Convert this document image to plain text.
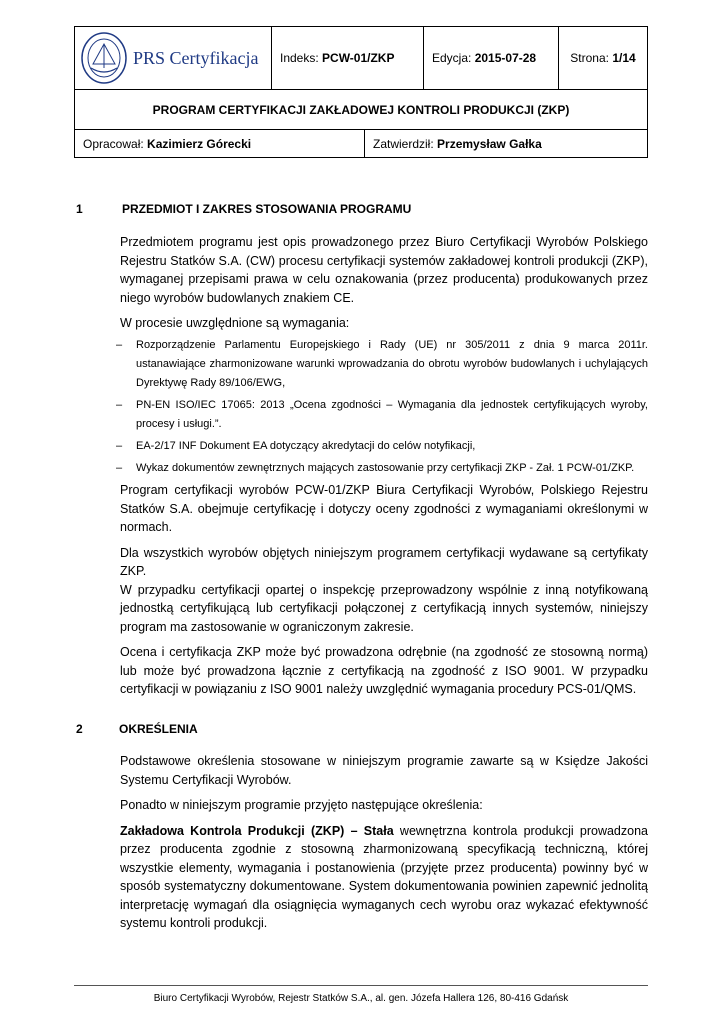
PRS Certyfikacja	Indeks: PCW-01/ZKP	Edycja: 2015-07-28	Strona: 1/14
PROGRAM CERTYFIKACJI ZAKŁADOWEJ KONTROLI PRODUKCJI (ZKP)
Opracował: Kazimierz Górecki	Zatwierdził: Przemysław Gałka
1	PRZEDMIOT I ZAKRES STOSOWANIA PROGRAMU

Przedmiotem programu jest opis prowadzonego przez Biuro Certyfikacji Wyrobów Polskiego Rejestru Statków S.A. (CW) procesu certyfikacji systemów zakładowej kontroli produkcji (ZKP), wymaganej przepisami prawa w celu oznakowania (przez producenta) produkowanych przez niego wyrobów budowlanych znakiem CE.

W procesie uwzględnione są wymagania:

– Rozporządzenie Parlamentu Europejskiego i Rady (UE) nr 305/2011 z dnia 9 marca 2011r. ustanawiające zharmonizowane warunki wprowadzania do obrotu wyrobów budowlanych i uchylających Dyrektywę Rady 89/106/EWG,
– PN-EN ISO/IEC 17065: 2013 „Ocena zgodności – Wymagania dla jednostek certyfikujących wyroby, procesy i usługi.”.
– EA-2/17 INF Dokument EA dotyczący akredytacji do celów notyfikacji,
– Wykaz dokumentów zewnętrznych mających zastosowanie przy certyfikacji ZKP - Zał. 1 PCW-01/ZKP.

Program certyfikacji wyrobów PCW-01/ZKP Biura Certyfikacji Wyrobów, Polskiego Rejestru Statków S.A. obejmuje certyfikację i dotyczy oceny zgodności z wymaganiami określonymi w normach.

Dla wszystkich wyrobów objętych niniejszym programem certyfikacji wydawane są certyfikaty ZKP.

W przypadku certyfikacji opartej o inspekcję przeprowadzony wspólnie z inną notyfikowaną jednostką certyfikującą lub certyfikacji połączonej z certyfikacją innych systemów, niniejszy program ma zastosowanie w ograniczonym zakresie.

Ocena i certyfikacja ZKP może być prowadzona odrębnie (na zgodność ze stosowną normą) lub może być prowadzona łącznie z certyfikacją na zgodność z ISO 9001. W przypadku certyfikacji w powiązaniu z ISO 9001 należy uwzględnić wymagania procedury PCS-01/QMS.

2	OKREŚLENIA

Podstawowe określenia stosowane w niniejszym programie zawarte są w Księdze Jakości Systemu Certyfikacji Wyrobów.

Ponadto w niniejszym programie przyjęto następujące określenia:

Zakładowa Kontrola Produkcji (ZKP) – Stała wewnętrzna kontrola produkcji prowadzona przez producenta zgodnie z stosowną zharmonizowaną specyfikacją techniczną, której wszystkie elementy, wymagania i postanowienia (przyjęte przez producenta) powinny być w sposób systematyczny dokumentowane. System dokumentowania powinien zapewnić jednolitą interpretację wymagań dla osiągnięcia wymaganych cech wyrobu oraz wykazać efektywność systemu kontroli produkcji.

Biuro Certyfikacji Wyrobów, Rejestr Statków S.A., al. gen. Józefa Hallera 126, 80-416 Gdańsk
